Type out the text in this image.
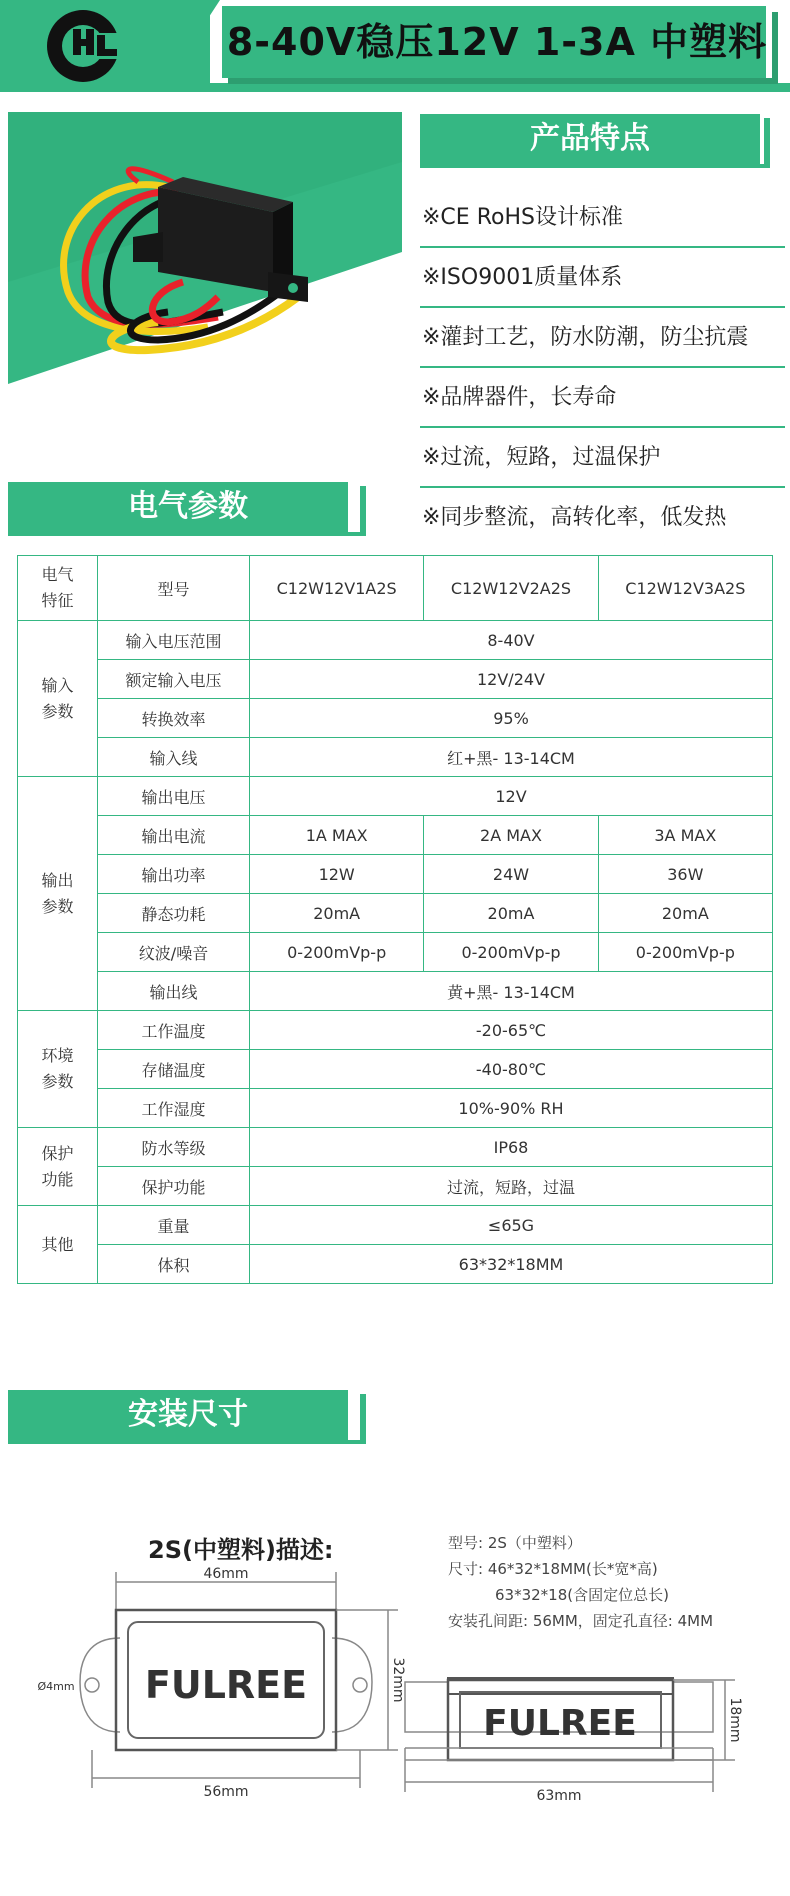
8-40V稳压12V 1-3A 中塑料
产品特点
※CE RoHS设计标准
※ISO9001质量体系
※灌封工艺，防水防潮，防尘抗震
※品牌器件，长寿命
※过流，短路，过温保护
※同步整流，高转化率，低发热
电气参数
电气
特征	型号	C12W12V1A2S	C12W12V2A2S	C12W12V3A2S
输入
参数	输入电压范围	8-40V		
	额定输入电压	12V/24V		
	转换效率	95%		
	输入线	红+黑- 13-14CM		
输出
参数	输出电压	12V		
	输出电流	1A MAX	2A MAX	3A MAX
	输出功率	12W	24W	36W
	静态功耗	20mA	20mA	20mA
	纹波/噪音	0-200mVp-p	0-200mVp-p	0-200mVp-p
	输出线	黄+黑- 13-14CM		
环境
参数	工作温度	-20-65℃		
	存储温度	-40-80℃		
	工作湿度	10%-90% RH		
保护
功能	防水等级	IP68		
	保护功能	过流，短路，过温		
其他	重量	≤65G		
	体积	63*32*18MM		
安装尺寸
2S(中塑料)描述:	型号: 2S（中塑料）
尺寸: 46*32*18MM(长*宽*高)
63*32*18(含固定位总长)
安装孔间距: 56MM，固定孔直径: 4MM
46mm
56mm	63mm
Ø4mm	32mm
18mm
FULREE
FULREE
